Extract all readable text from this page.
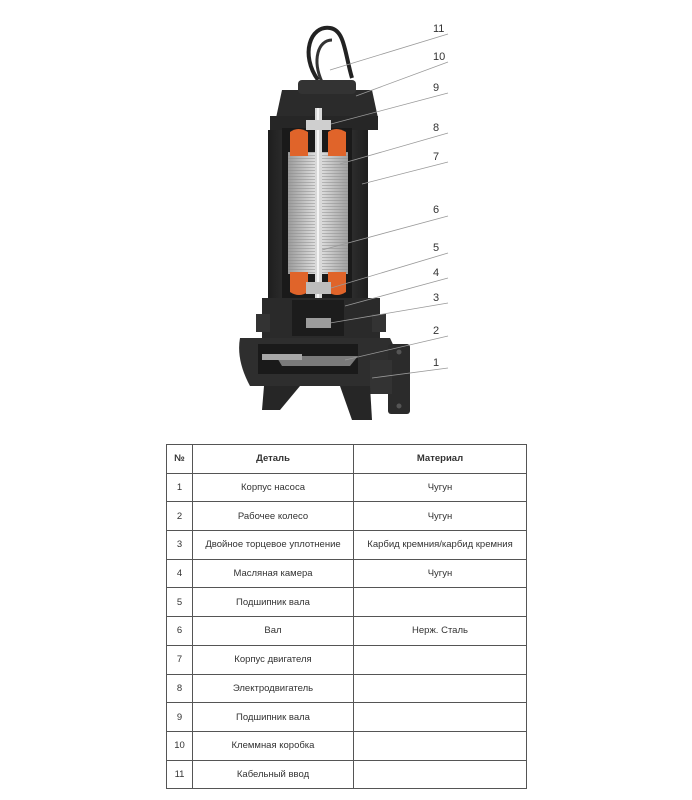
1
2
3
4
5
6
7
8
9
10
11
№	Деталь	Материал
1	Корпус насоса	Чугун
2	Рабочее колесо	Чугун
3	Двойное торцевое уплотнение	Карбид кремния/карбид кремния
4	Масляная камера	Чугун
5	Подшипник вала	
6	Вал	Нерж. Сталь
7	Корпус двигателя	
8	Электродвигатель	
9	Подшипник вала	
10	Клеммная коробка	
11	Кабельный ввод	
